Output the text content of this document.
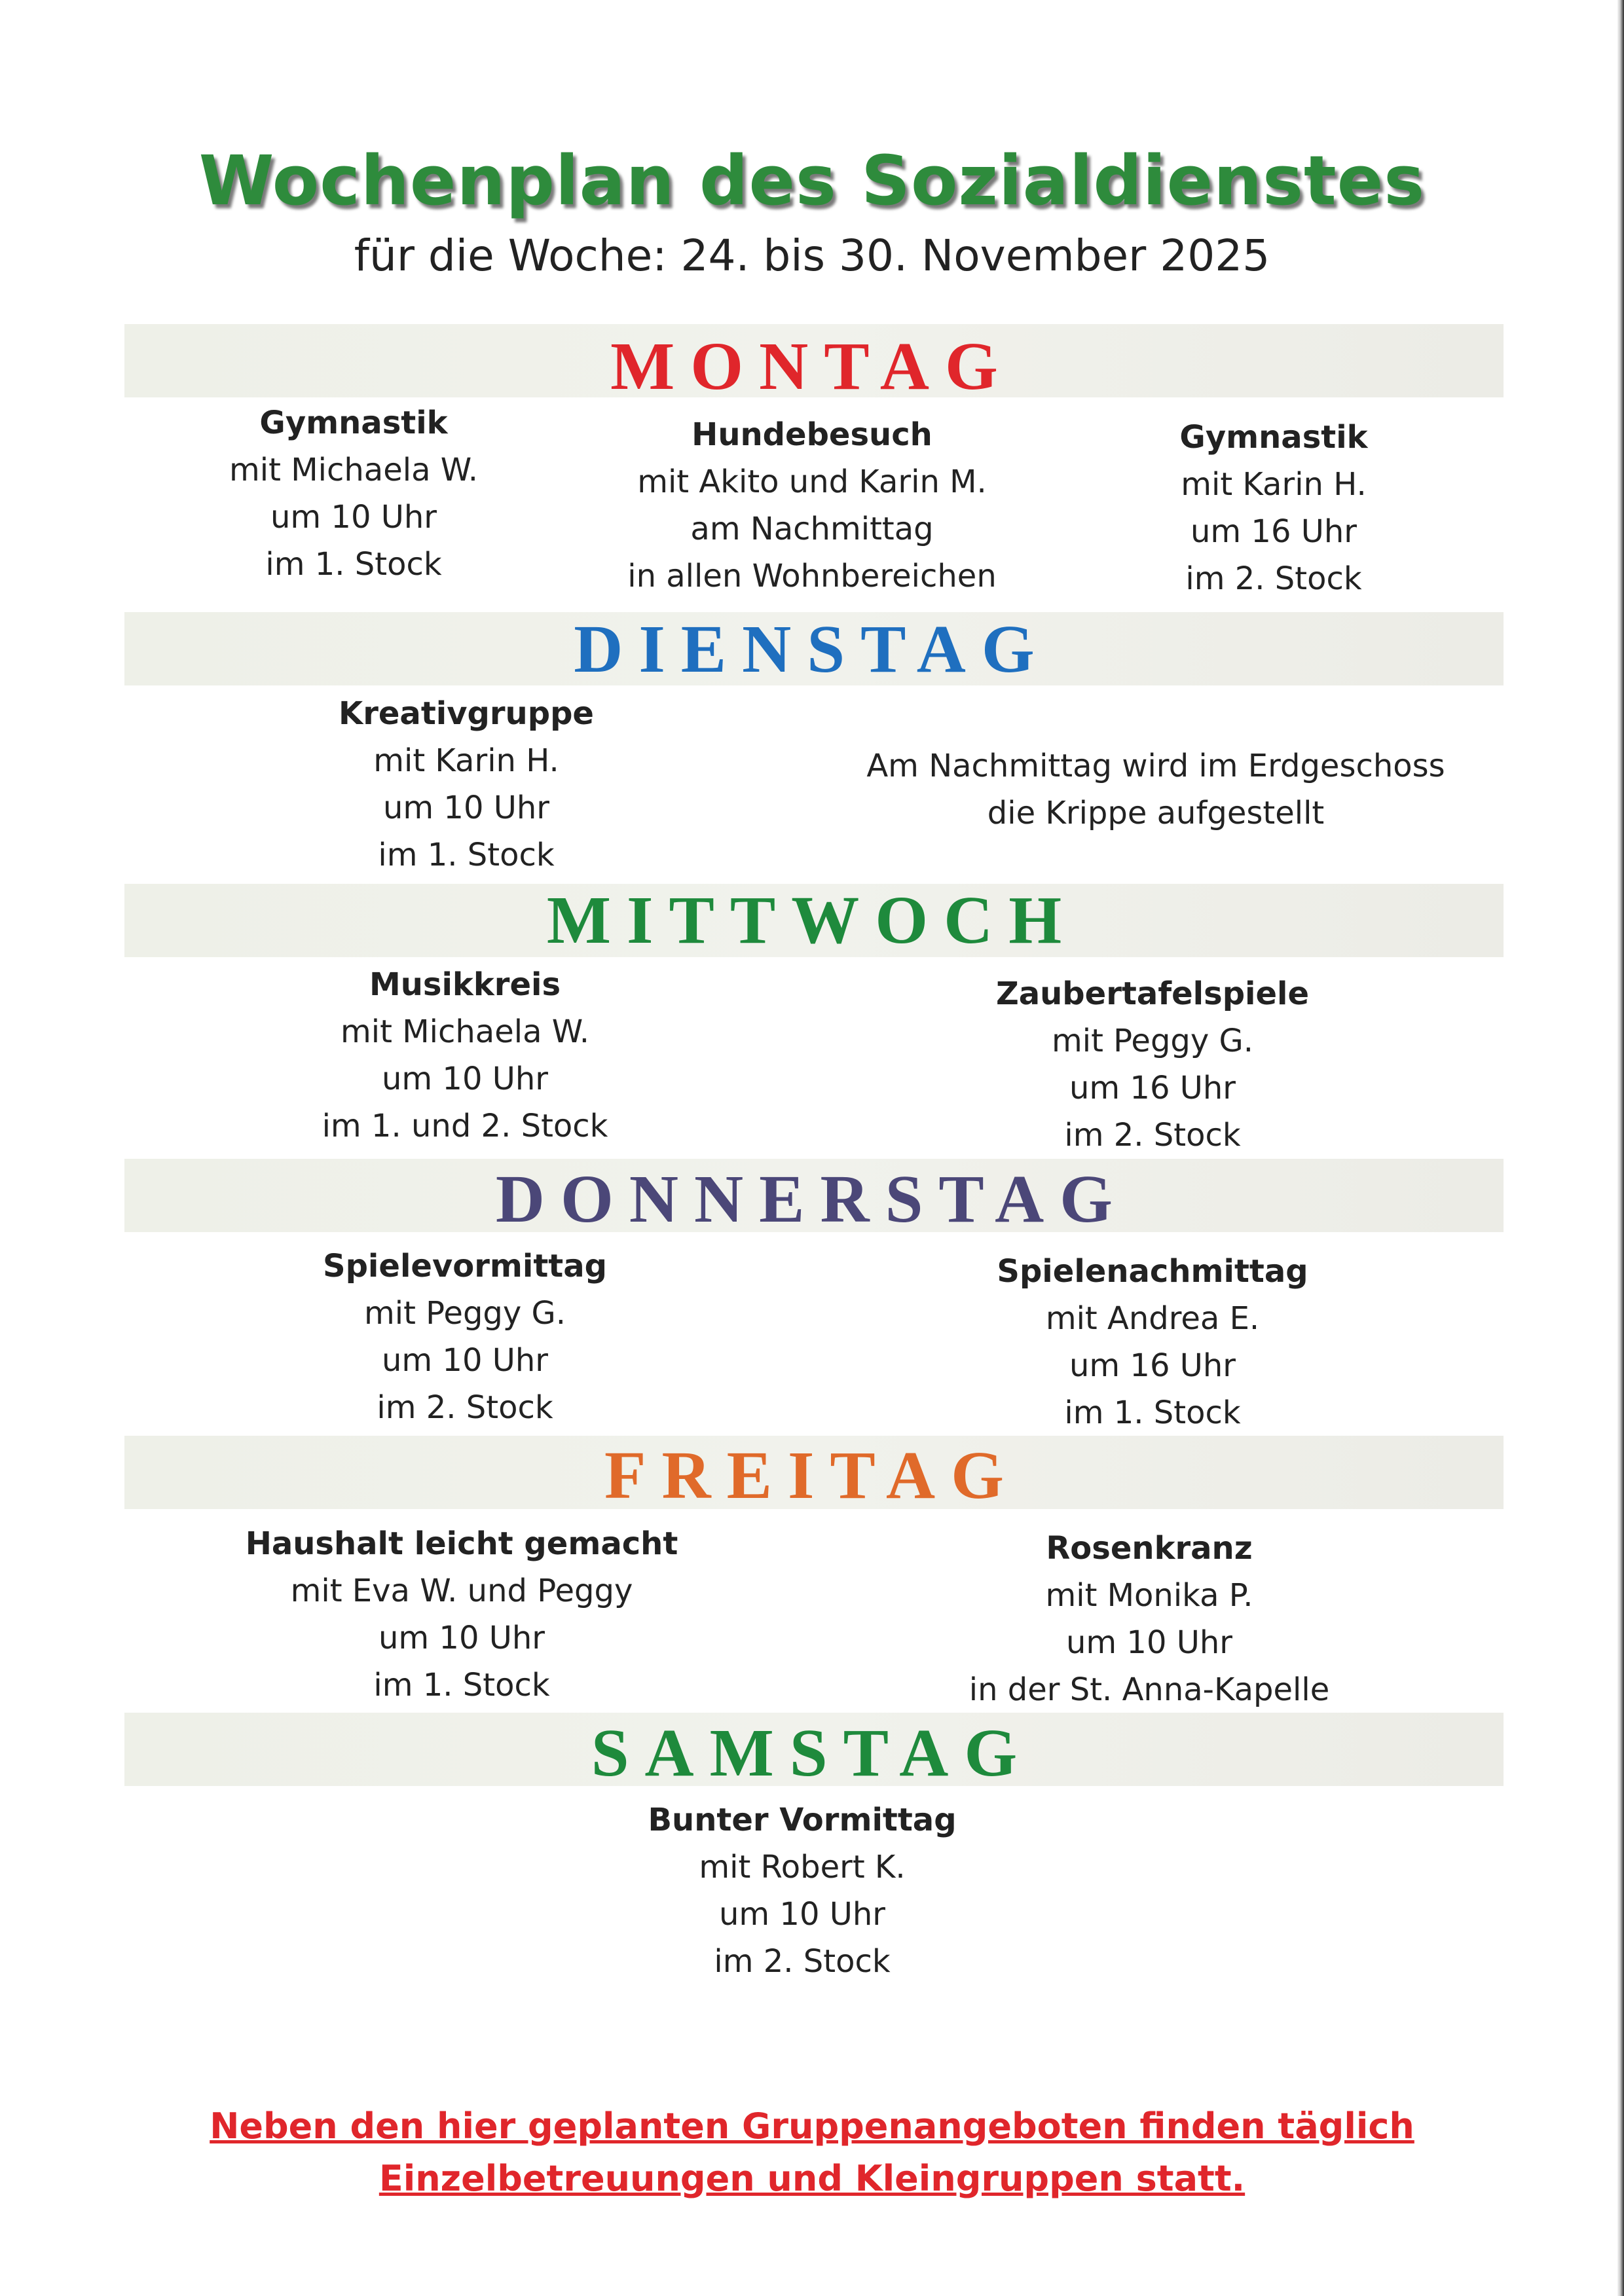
Wochenplan des Sozialdienstes
für die Woche: 24. bis 30. November 2025
MONTAG
Gymnastik
mit Michaela W.
um 10 Uhr
im 1. Stock
Hundebesuch
mit Akito und Karin M.
am Nachmittag
in allen Wohnbereichen
Gymnastik
mit Karin H.
um 16 Uhr
im 2. Stock
DIENSTAG
Kreativgruppe
mit Karin H.
um 10 Uhr
im 1. Stock
Am Nachmittag wird im Erdgeschoss
die Krippe aufgestellt
MITTWOCH
Musikkreis
mit Michaela W.
um 10 Uhr
im 1. und 2. Stock
Zaubertafelspiele
mit Peggy G.
um 16 Uhr
im 2. Stock
DONNERSTAG
Spielevormittag
mit Peggy G.
um 10 Uhr
im 2. Stock
Spielenachmittag
mit Andrea E.
um 16 Uhr
im 1. Stock
FREITAG
Haushalt leicht gemacht
mit Eva W. und Peggy
um 10 Uhr
im 1. Stock
Rosenkranz
mit Monika P.
um 10 Uhr
in der St. Anna-Kapelle
SAMSTAG
Bunter Vormittag
mit Robert K.
um 10 Uhr
im 2. Stock
Neben den hier geplanten Gruppenangeboten finden täglich
Einzelbetreuungen und Kleingruppen statt.
